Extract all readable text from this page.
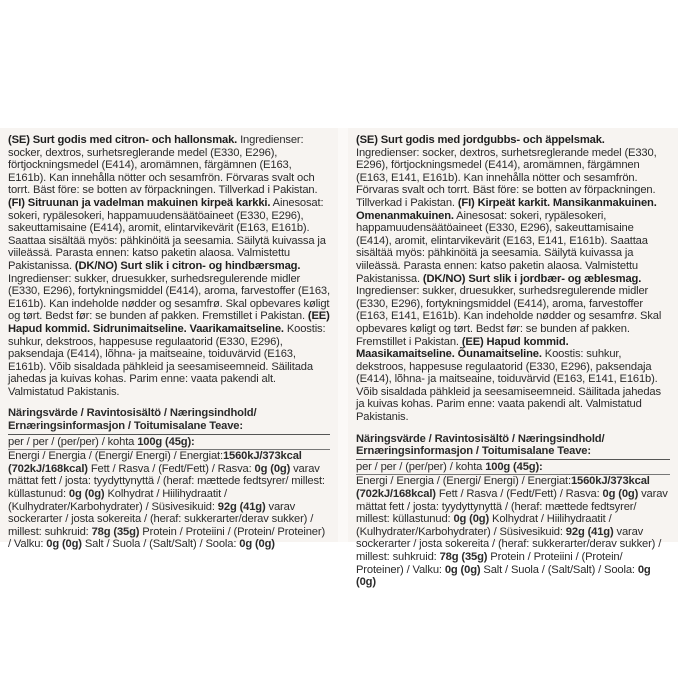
(SE) Surt godis med citron- och hallonsmak. Ingredienser: socker, dextros, surhetsreglerande medel (E330, E296), förtjockningsmedel (E414), aromämnen, färgämnen (E163, E161b). Kan innehålla nötter och sesamfrön. Förvaras svalt och torrt. Bäst före: se botten av förpackningen. Tillverkad i Pakistan. (FI) Sitruunan ja vadelman makuinen kirpeä karkki. Ainesosat: sokeri, rypälesokeri, happamuudensäätöaineet (E330, E296), sakeuttamisaine (E414), aromit, elintarvikevärit (E163, E161b). Saattaa sisältää myös: pähkinöitä ja seesamia. Säilytä kuivassa ja viileässä. Parasta ennen: katso paketin alaosa. Valmistettu Pakistanissa. (DK/NO) Surt slik i citron- og hindbærsmag. Ingredienser: sukker, druesukker, surhedsregulerende midler (E330, E296), fortykningsmiddel (E414), aroma, farvestoffer (E163, E161b). Kan indeholde nødder og sesamfrø. Skal opbevares køligt og tørt. Bedst før: se bunden af pakken. Fremstillet i Pakistan. (EE) Hapud kommid. Sidrunimaitseline. Vaarikamaitseline. Koostis: suhkur, dekstroos, happesuse regulaatorid (E330, E296), paksendaja (E414), lõhna- ja maitseaine, toiduvärvid (E163, E161b). Võib sisaldada pähkleid ja seesamiseemneid. Säilitada jahedas ja kuivas kohas. Parim enne: vaata pakendi alt. Valmistatud Pakistanis.
Näringsvärde / Ravintosisältö / Næringsindhold/ Ernæringsinformasjon / Toitumisalane Teave:
per / per / (per/per) / kohta 100g (45g):
Energi / Energia / (Energi/ Energi) / Energiat:1560kJ/373kcal (702kJ/168kcal) Fett / Rasva / (Fedt/Fett) / Rasva: 0g (0g) varav mättat fett / josta: tyydyttynyttä / (heraf: mættede fedtsyrer/ millest: küllastunud: 0g (0g) Kolhydrat / Hiilihydraatit / (Kulhydrater/Karbohydrater) / Süsivesikuid: 92g (41g) varav sockerarter / josta sokereita / (heraf: sukkerarter/derav sukker) / millest: suhkruid: 78g (35g) Protein / Proteiini / (Protein/ Proteiner) / Valku: 0g (0g) Salt / Suola / (Salt/Salt) / Soola: 0g (0g)
(SE) Surt godis med jordgubbs- och äppelsmak. Ingredienser: socker, dextros, surhetsreglerande medel (E330, E296), förtjockningsmedel (E414), aromämnen, färgämnen (E163, E141, E161b). Kan innehålla nötter och sesamfrön. Förvaras svalt och torrt. Bäst före: se botten av förpackningen. Tillverkad i Pakistan. (FI) Kirpeät karkit. Mansikanmakuinen. Omenanmakuinen. Ainesosat: sokeri, rypälesokeri, happamuudensäätöaineet (E330, E296), sakeuttamisaine (E414), aromit, elintarvikevärit (E163, E141, E161b). Saattaa sisältää myös: pähkinöitä ja seesamia. Säilytä kuivassa ja viileässä. Parasta ennen: katso paketin alaosa. Valmistettu Pakistanissa. (DK/NO) Surt slik i jordbær- og æblesmag. Ingredienser: sukker, druesukker, surhedsregulerende midler (E330, E296), fortykningsmiddel (E414), aroma, farvestoffer (E163, E141, E161b). Kan indeholde nødder og sesamfrø. Skal opbevares køligt og tørt. Bedst før: se bunden af pakken. Fremstillet i Pakistan. (EE) Hapud kommid. Maasikamaitseline. Õunamaitseline. Koostis: suhkur, dekstroos, happesuse regulaatorid (E330, E296), paksendaja (E414), lõhna- ja maitseaine, toiduvärvid (E163, E141, E161b). Võib sisaldada pähkleid ja seesamiseemneid. Säilitada jahedas ja kuivas kohas. Parim enne: vaata pakendi alt. Valmistatud Pakistanis.
Näringsvärde / Ravintosisältö / Næringsindhold/ Ernæringsinformasjon / Toitumisalane Teave:
per / per / (per/per) / kohta 100g (45g):
Energi / Energia / (Energi/ Energi) / Energiat:1560kJ/373kcal (702kJ/168kcal) Fett / Rasva / (Fedt/Fett) / Rasva: 0g (0g) varav mättat fett / josta: tyydyttynyttä / (heraf: mættede fedtsyrer/ millest: küllastunud: 0g (0g) Kolhydrat / Hiilihydraatit / (Kulhydrater/Karbohydrater) / Süsivesikuid: 92g (41g) varav sockerarter / josta sokereita / (heraf: sukkerarter/derav sukker) / millest: suhkruid: 78g (35g) Protein / Proteiini / (Protein/ Proteiner) / Valku: 0g (0g) Salt / Suola / (Salt/Salt) / Soola: 0g (0g)
